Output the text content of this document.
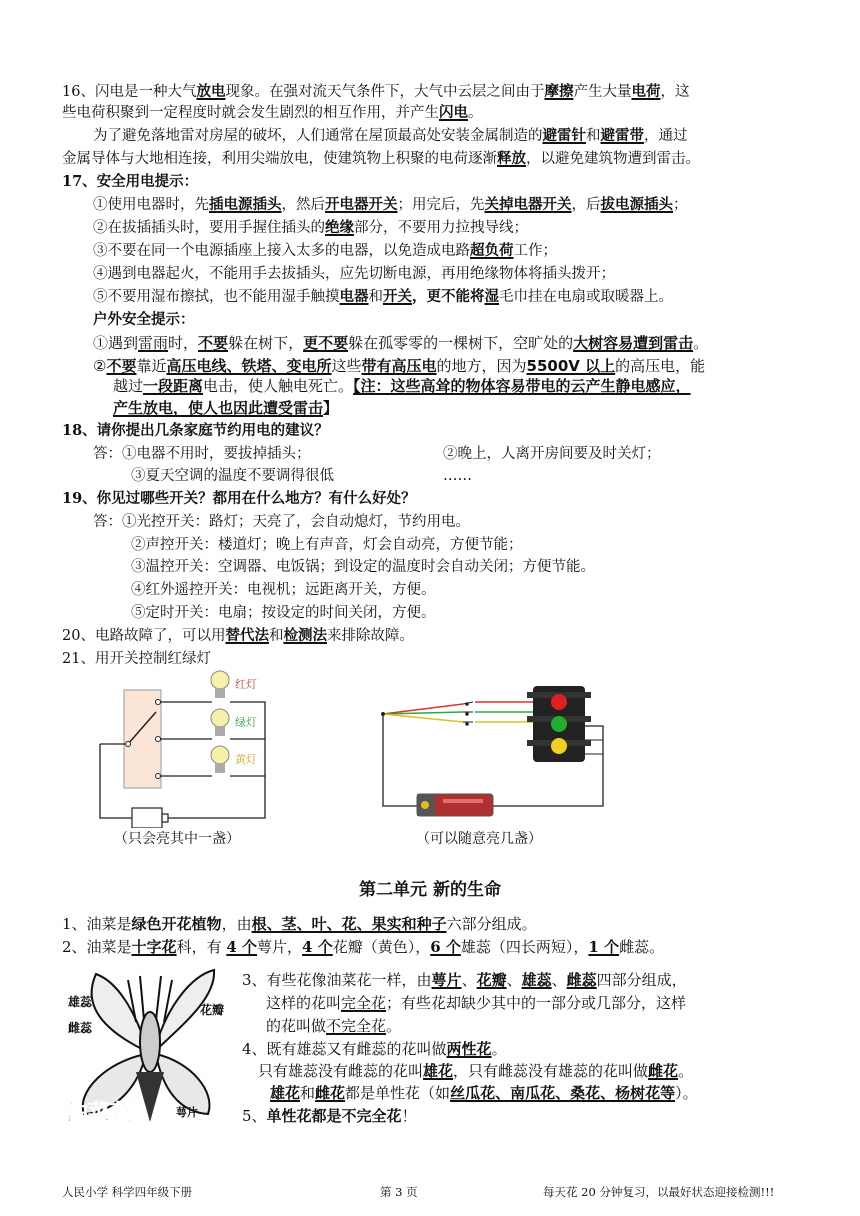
16、闪电是一种大气放电现象。在强对流天气条件下，大气中云层之间由于摩擦产生大量电荷，这
些电荷积聚到一定程度时就会发生剧烈的相互作用，并产生闪电。
为了避免落地雷对房屋的破坏，人们通常在屋顶最高处安装金属制造的避雷针和避雷带，通过
金属导体与大地相连接，利用尖端放电，使建筑物上积聚的电荷逐渐释放，以避免建筑物遭到雷击。
17、安全用电提示：
①使用电器时，先插电源插头，然后开电器开关；用完后，先关掉电器开关，后拔电源插头；
②在拔插插头时，要用手握住插头的绝缘部分，不要用力拉拽导线；
③不要在同一个电源插座上接入太多的电器，以免造成电路超负荷工作；
④遇到电器起火，不能用手去拔插头，应先切断电源，再用绝缘物体将插头拨开；
⑤不要用湿布擦拭，也不能用湿手触摸电器和开关，更不能将湿毛巾挂在电扇或取暖器上。
户外安全提示：
①遇到雷雨时，不要躲在树下，更不要躲在孤零零的一棵树下，空旷处的大树容易遭到雷击。
②不要靠近高压电线、铁塔、变电所这些带有高压电的地方，因为5500V 以上的高压电，能
越过一段距离电击，使人触电死亡。【注：这些高耸的物体容易带电的云产生静电感应，
产生放电，使人也因此遭受雷击】
18、请你提出几条家庭节约用电的建议？
答：①电器不用时，要拔掉插头；	②晚上，人离开房间要及时关灯；
③夏天空调的温度不要调得很低	……
19、你见过哪些开关？都用在什么地方？有什么好处？
答：①光控开关：路灯；天亮了，会自动熄灯，节约用电。
②声控开关：楼道灯；晚上有声音，灯会自动亮，方便节能；
③温控开关：空调器、电饭锅；到设定的温度时会自动关闭；方便节能。
④红外遥控开关：电视机；远距离开关，方便。
⑤定时开关：电扇；按设定的时间关闭，方便。
20、电路故障了，可以用替代法和检测法来排除故障。
21、用开关控制红绿灯
红灯
绿灯
黄灯
（只会亮其中一盏）	（可以随意亮几盏）
第二单元 新的生命
1、油菜是绿色开花植物，由根、茎、叶、花、果实和种子六部分组成。
2、油菜是十字花科，有 4 个萼片，4 个花瓣（黄色），6 个雄蕊（四长两短），1 个雌蕊。
雄蕊
雌蕊
花瓣
萼片
油菜花
3、有些花像油菜花一样，由萼片、花瓣、雄蕊、雌蕊四部分组成，
这样的花叫完全花；有些花却缺少其中的一部分或几部分，这样
的花叫做不完全花。
4、既有雄蕊又有雌蕊的花叫做两性花。
只有雄蕊没有雌蕊的花叫雄花，只有雌蕊没有雄蕊的花叫做雌花。
雄花和雌花都是单性花（如丝瓜花、南瓜花、桑花、杨树花等）。
5、单性花都是不完全花！
人民小学 科学四年级下册	第 3 页	每天花 20 分钟复习，以最好状态迎接检测!!!
